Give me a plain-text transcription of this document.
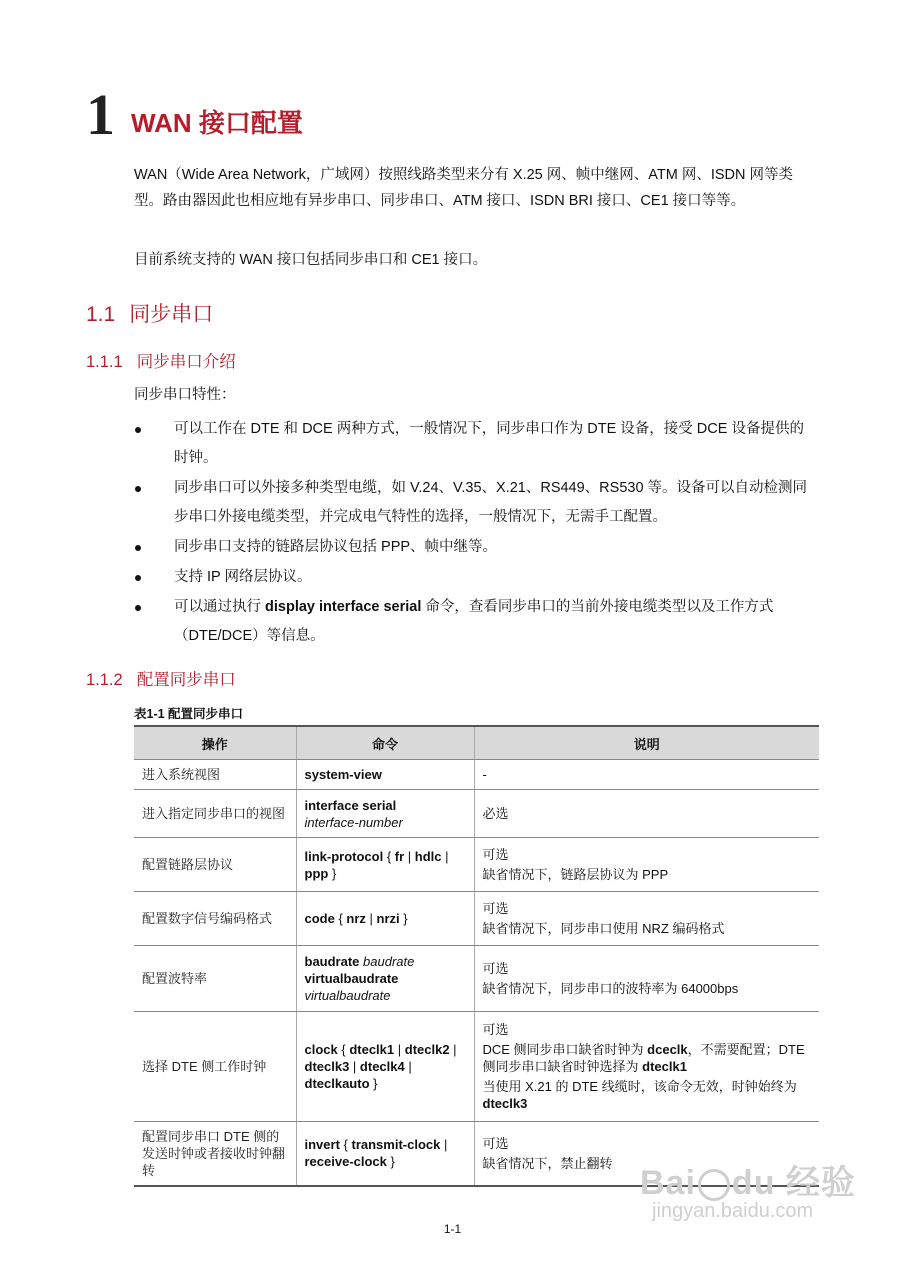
1 WAN 接口配置
WAN（Wide Area Network，广域网）按照线路类型来分有 X.25 网、帧中继网、ATM 网、ISDN 网等类型。路由器因此也相应地有异步串口、同步串口、ATM 接口、ISDN BRI 接口、CE1 接口等等。
目前系统支持的 WAN 接口包括同步串口和 CE1 接口。
1.1 同步串口
1.1.1 同步串口介绍
同步串口特性：
可以工作在 DTE 和 DCE 两种方式，一般情况下，同步串口作为 DTE 设备，接受 DCE 设备提供的时钟。
同步串口可以外接多种类型电缆，如 V.24、V.35、X.21、RS449、RS530 等。设备可以自动检测同步串口外接电缆类型，并完成电气特性的选择，一般情况下，无需手工配置。
同步串口支持的链路层协议包括 PPP、帧中继等。
支持 IP 网络层协议。
可以通过执行 display interface serial 命令，查看同步串口的当前外接电缆类型以及工作方式（DTE/DCE）等信息。
1.1.2 配置同步串口
表1-1 配置同步串口
操作	命令	说明
进入系统视图	system-view	-
进入指定同步串口的视图	interface serial
interface-number	必选
配置链路层协议	link-protocol { fr | hdlc | ppp }	可选
缺省情况下，链路层协议为 PPP

配置数字信号编码格式	code { nrz | nrzi }	可选
缺省情况下，同步串口使用 NRZ 编码格式

配置波特率	baudrate baudrate
virtualbaudrate
virtualbaudrate	可选
缺省情况下，同步串口的波特率为 64000bps

选择 DTE 侧工作时钟	clock { dteclk1 | dteclk2 | dteclk3 | dteclk4 | dteclkauto }	可选
DCE 侧同步串口缺省时钟为 dceclk，不需要配置；DTE 侧同步串口缺省时钟选择为 dteclk1
当使用 X.21 的 DTE 线缆时，该命令无效，时钟始终为 dteclk3

配置同步串口 DTE 侧的发送时钟或者接收时钟翻转	invert { transmit-clock | receive-clock }	可选
缺省情况下，禁止翻转
1-1
Bai du 经验
jingyan.baidu.com
